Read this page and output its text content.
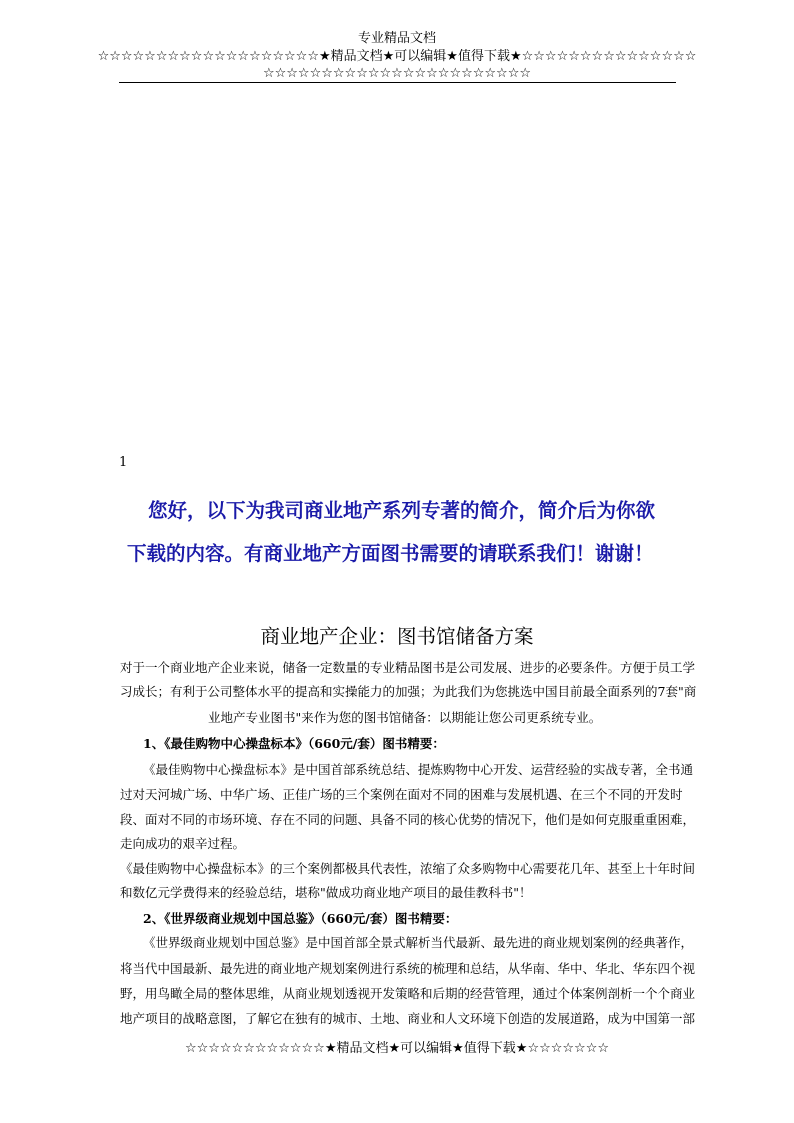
专业精品文档
☆☆☆☆☆☆☆☆☆☆☆☆☆☆☆☆☆☆☆★精品文档★可以编辑★值得下载★☆☆☆☆☆☆☆☆☆☆☆☆☆☆☆
☆☆☆☆☆☆☆☆☆☆☆☆☆☆☆☆☆☆☆☆☆☆☆
1
您好，以下为我司商业地产系列专著的简介，简介后为你欲
下载的内容。有商业地产方面图书需要的请联系我们！谢谢！
商业地产企业：图书馆储备方案
对于一个商业地产企业来说，储备一定数量的专业精品图书是公司发展、进步的必要条件。方便于员工学
习成长；有利于公司整体水平的提高和实操能力的加强；为此我们为您挑选中国目前最全面系列的7套"商
业地产专业图书"来作为您的图书馆储备：以期能让您公司更系统专业。
1、《最佳购物中心操盘标本》（660元/套）图书精要：
《最佳购物中心操盘标本》是中国首部系统总结、提炼购物中心开发、运营经验的实战专著，全书通
过对天河城广场、中华广场、正佳广场的三个案例在面对不同的困难与发展机遇、在三个不同的开发时
段、面对不同的市场环境、存在不同的问题、具备不同的核心优势的情况下，他们是如何克服重重困难，
走向成功的艰辛过程。
《最佳购物中心操盘标本》的三个案例都极具代表性，浓缩了众多购物中心需要花几年、甚至上十年时间
和数亿元学费得来的经验总结，堪称"做成功商业地产项目的最佳教科书"！
2、《世界级商业规划中国总鉴》（660元/套）图书精要：
《世界级商业规划中国总鉴》是中国首部全景式解析当代最新、最先进的商业规划案例的经典著作，
将当代中国最新、最先进的商业地产规划案例进行系统的梳理和总结，从华南、华中、华北、华东四个视
野，用鸟瞰全局的整体思维，从商业规划透视开发策略和后期的经营管理，通过个体案例剖析一个个商业
地产项目的战略意图，了解它在独有的城市、土地、商业和人文环境下创造的发展道路，成为中国第一部
☆☆☆☆☆☆☆☆☆☆☆☆★精品文档★可以编辑★值得下载★☆☆☆☆☆☆☆
